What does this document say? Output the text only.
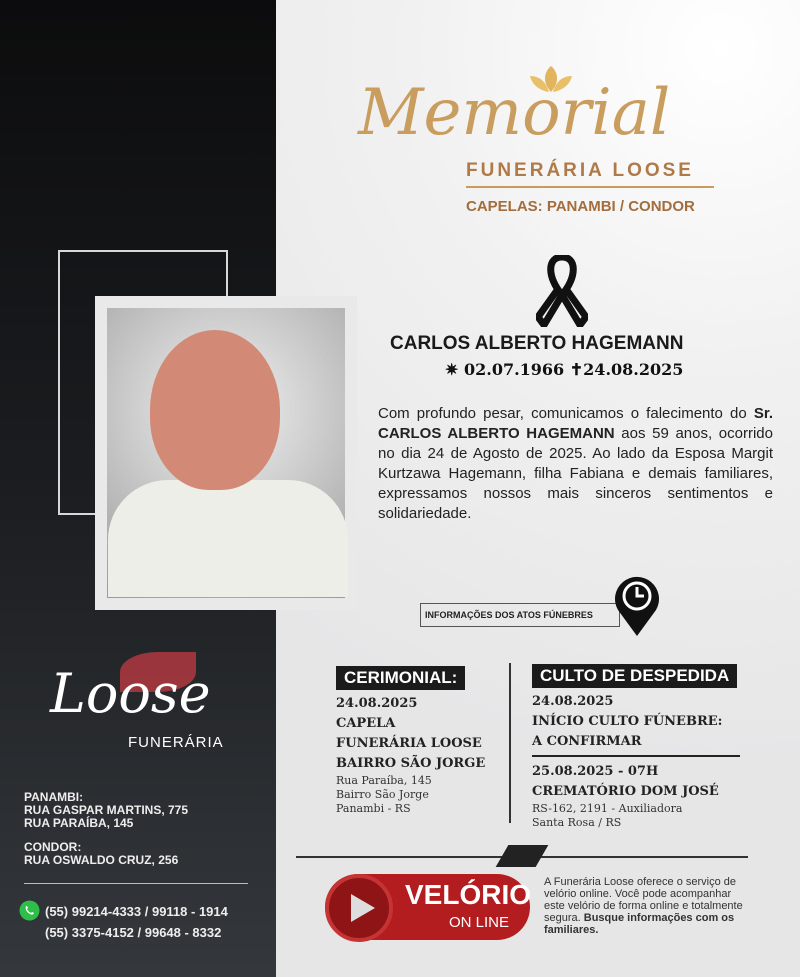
Memorial
FUNERÁRIA LOOSE
CAPELAS: PANAMBI / CONDOR
CARLOS ALBERTO HAGEMANN
✷ 02.07.1966 ✝24.08.2025
Com profundo pesar, comunicamos o falecimento do Sr. CARLOS ALBERTO HAGEMANN aos 59 anos, ocorrido no dia 24 de Agosto de 2025. Ao lado da Esposa Margit Kurtzawa Hagemann, filha Fabiana e demais familiares, expressamos nossos mais sinceros sentimentos e solidariedade.
INFORMAÇÕES DOS ATOS FÚNEBRES
CERIMONIAL:
24.08.2025
CAPELA
FUNERÁRIA LOOSE
BAIRRO SÃO JORGE
Rua Paraíba, 145
Bairro São Jorge
Panambi - RS
CULTO DE DESPEDIDA
24.08.2025
INÍCIO CULTO FÚNEBRE:
A CONFIRMAR
25.08.2025 - 07H
CREMATÓRIO DOM JOSÉ
RS-162, 2191 - Auxiliadora
Santa Rosa / RS
VELÓRIO
ON LINE
A Funerária Loose oferece o serviço de velório online. Você pode acompanhar este velório de forma online e totalmente segura. Busque informações com os familiares.
Loose
FUNERÁRIA
PANAMBI:
RUA GASPAR MARTINS, 775
RUA PARAÍBA, 145
CONDOR:
RUA OSWALDO CRUZ, 256
(55) 99214-4333 / 99118 - 1914
(55) 3375-4152 / 99648 - 8332
